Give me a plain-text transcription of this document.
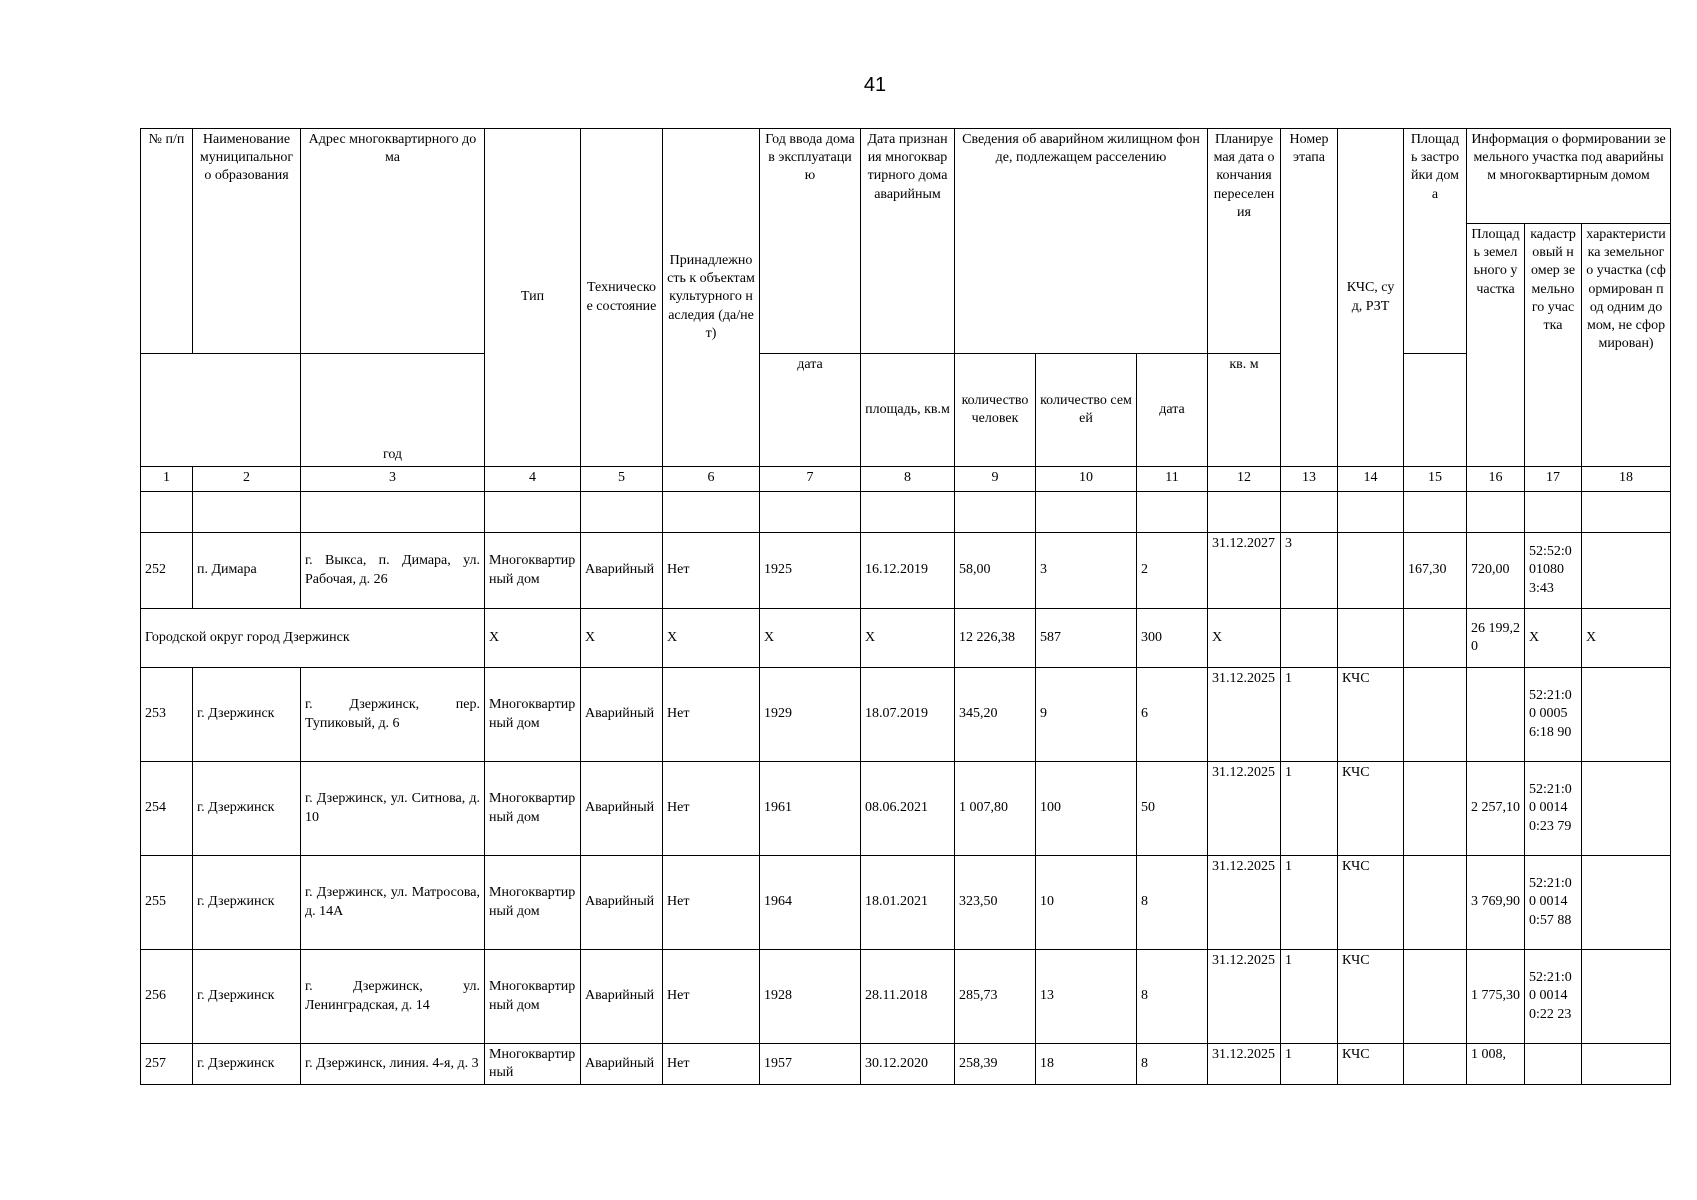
41
№ п/п	Наименование муниципального образования	Адрес многоквартирного дома	Тип	Техническое состояние	Принадлежность к объектам культурного наследия (да/нет)	Год ввода дома в эксплуатацию	Дата признания многоквартирного дома аварийным	Сведения об аварийном жилищном фонде, подлежащем расселению			Планируемая дата окончания переселения	Номер этапа	КЧС, суд, РЗТ	Площадь застройки дома	Информация о формировании земельного участка под аварийным многоквартирным домом		
															Площадь земельного участка	кадастровый номер земельного участка	характеристика земельного участка (сформирован под одним домом, не сформирован)
		год				дата	площадь, кв.м	количество человек	количество семей	дата	кв. м						
1	2	3	4	5	6	7	8	9	10	11	12	13	14	15	16	17	18

252	п. Димара	г. Выкса, п. Димара, ул. Рабочая, д. 26	Многоквартирный дом	Аварийный	Нет	1925	16.12.2019	58,00	3	2	31.12.2027	3		167,30	720,00	52:52:001080 3:43	
Городской округ город Дзержинск			X	X	X	X	X	12 226,38	587	300	X				26 199,20	X	X
253	г. Дзержинск	г. Дзержинск, пер. Тупиковый, д. 6	Многоквартирный дом	Аварийный	Нет	1929	18.07.2019	345,20	9	6	31.12.2025	1	КЧС			52:21:00 0005 6:18 90	
254	г. Дзержинск	г. Дзержинск, ул. Ситнова, д. 10	Многоквартирный дом	Аварийный	Нет	1961	08.06.2021	1 007,80	100	50	31.12.2025	1	КЧС		2 257,10	52:21:00 0014 0:23 79	
255	г. Дзержинск	г. Дзержинск, ул. Матросова, д. 14А	Многоквартирный дом	Аварийный	Нет	1964	18.01.2021	323,50	10	8	31.12.2025	1	КЧС		3 769,90	52:21:00 0014 0:57 88	
256	г. Дзержинск	г. Дзержинск, ул. Ленинградская, д. 14	Многоквартирный дом	Аварийный	Нет	1928	28.11.2018	285,73	13	8	31.12.2025	1	КЧС		1 775,30	52:21:00 0014 0:22 23	
257	г. Дзержинск	г. Дзержинск, линия. 4-я, д. 3	Многоквартирный	Аварийный	Нет	1957	30.12.2020	258,39	18	8	31.12.2025	1	КЧС		1 008,		
